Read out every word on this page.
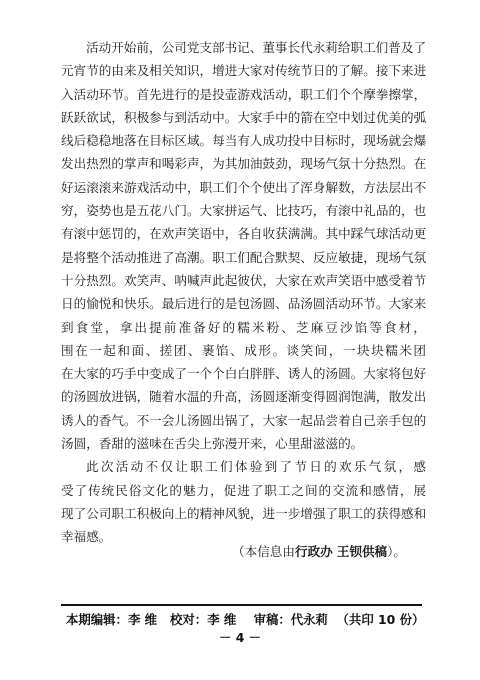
活动开始前，公司党支部书记、董事长代永莉给职工们普及了
元宵节的由来及相关知识，增进大家对传统节日的了解。接下来进
入活动环节。首先进行的是投壶游戏活动，职工们个个摩拳擦掌，
跃跃欲试，积极参与到活动中。大家手中的箭在空中划过优美的弧
线后稳稳地落在目标区域。每当有人成功投中目标时，现场就会爆
发出热烈的掌声和喝彩声，为其加油鼓劲，现场气氛十分热烈。在
好运滚滚来游戏活动中，职工们个个使出了浑身解数，方法层出不
穷，姿势也是五花八门。大家拼运气、比技巧，有滚中礼品的，也
有滚中惩罚的，在欢声笑语中，各自收获满满。其中踩气球活动更
是将整个活动推进了高潮。职工们配合默契、反应敏捷，现场气氛
十分热烈。欢笑声、呐喊声此起彼伏，大家在欢声笑语中感受着节
日的愉悦和快乐。最后进行的是包汤圆、品汤圆活动环节。大家来
到食堂，拿出提前准备好的糯米粉、芝麻豆沙馅等食材，
围在一起和面、搓团、裹馅、成形。谈笑间，一块块糯米团
在大家的巧手中变成了一个个白白胖胖、诱人的汤圆。大家将包好
的汤圆放进锅，随着水温的升高，汤圆逐渐变得圆润饱满，散发出
诱人的香气。不一会儿汤圆出锅了，大家一起品尝着自己亲手包的
汤圆，香甜的滋味在舌尖上弥漫开来，心里甜滋滋的。
此次活动不仅让职工们体验到了节日的欢乐气氛，感
受了传统民俗文化的魅力，促进了职工之间的交流和感情，展
现了公司职工积极向上的精神风貌，进一步增强了职工的获得感和
幸福感。
（本信息由行政办 王钡供稿）。
本期编辑：李 维 校对：李 维 审稿：代永莉 （共印 10 份）
－ 4 －
